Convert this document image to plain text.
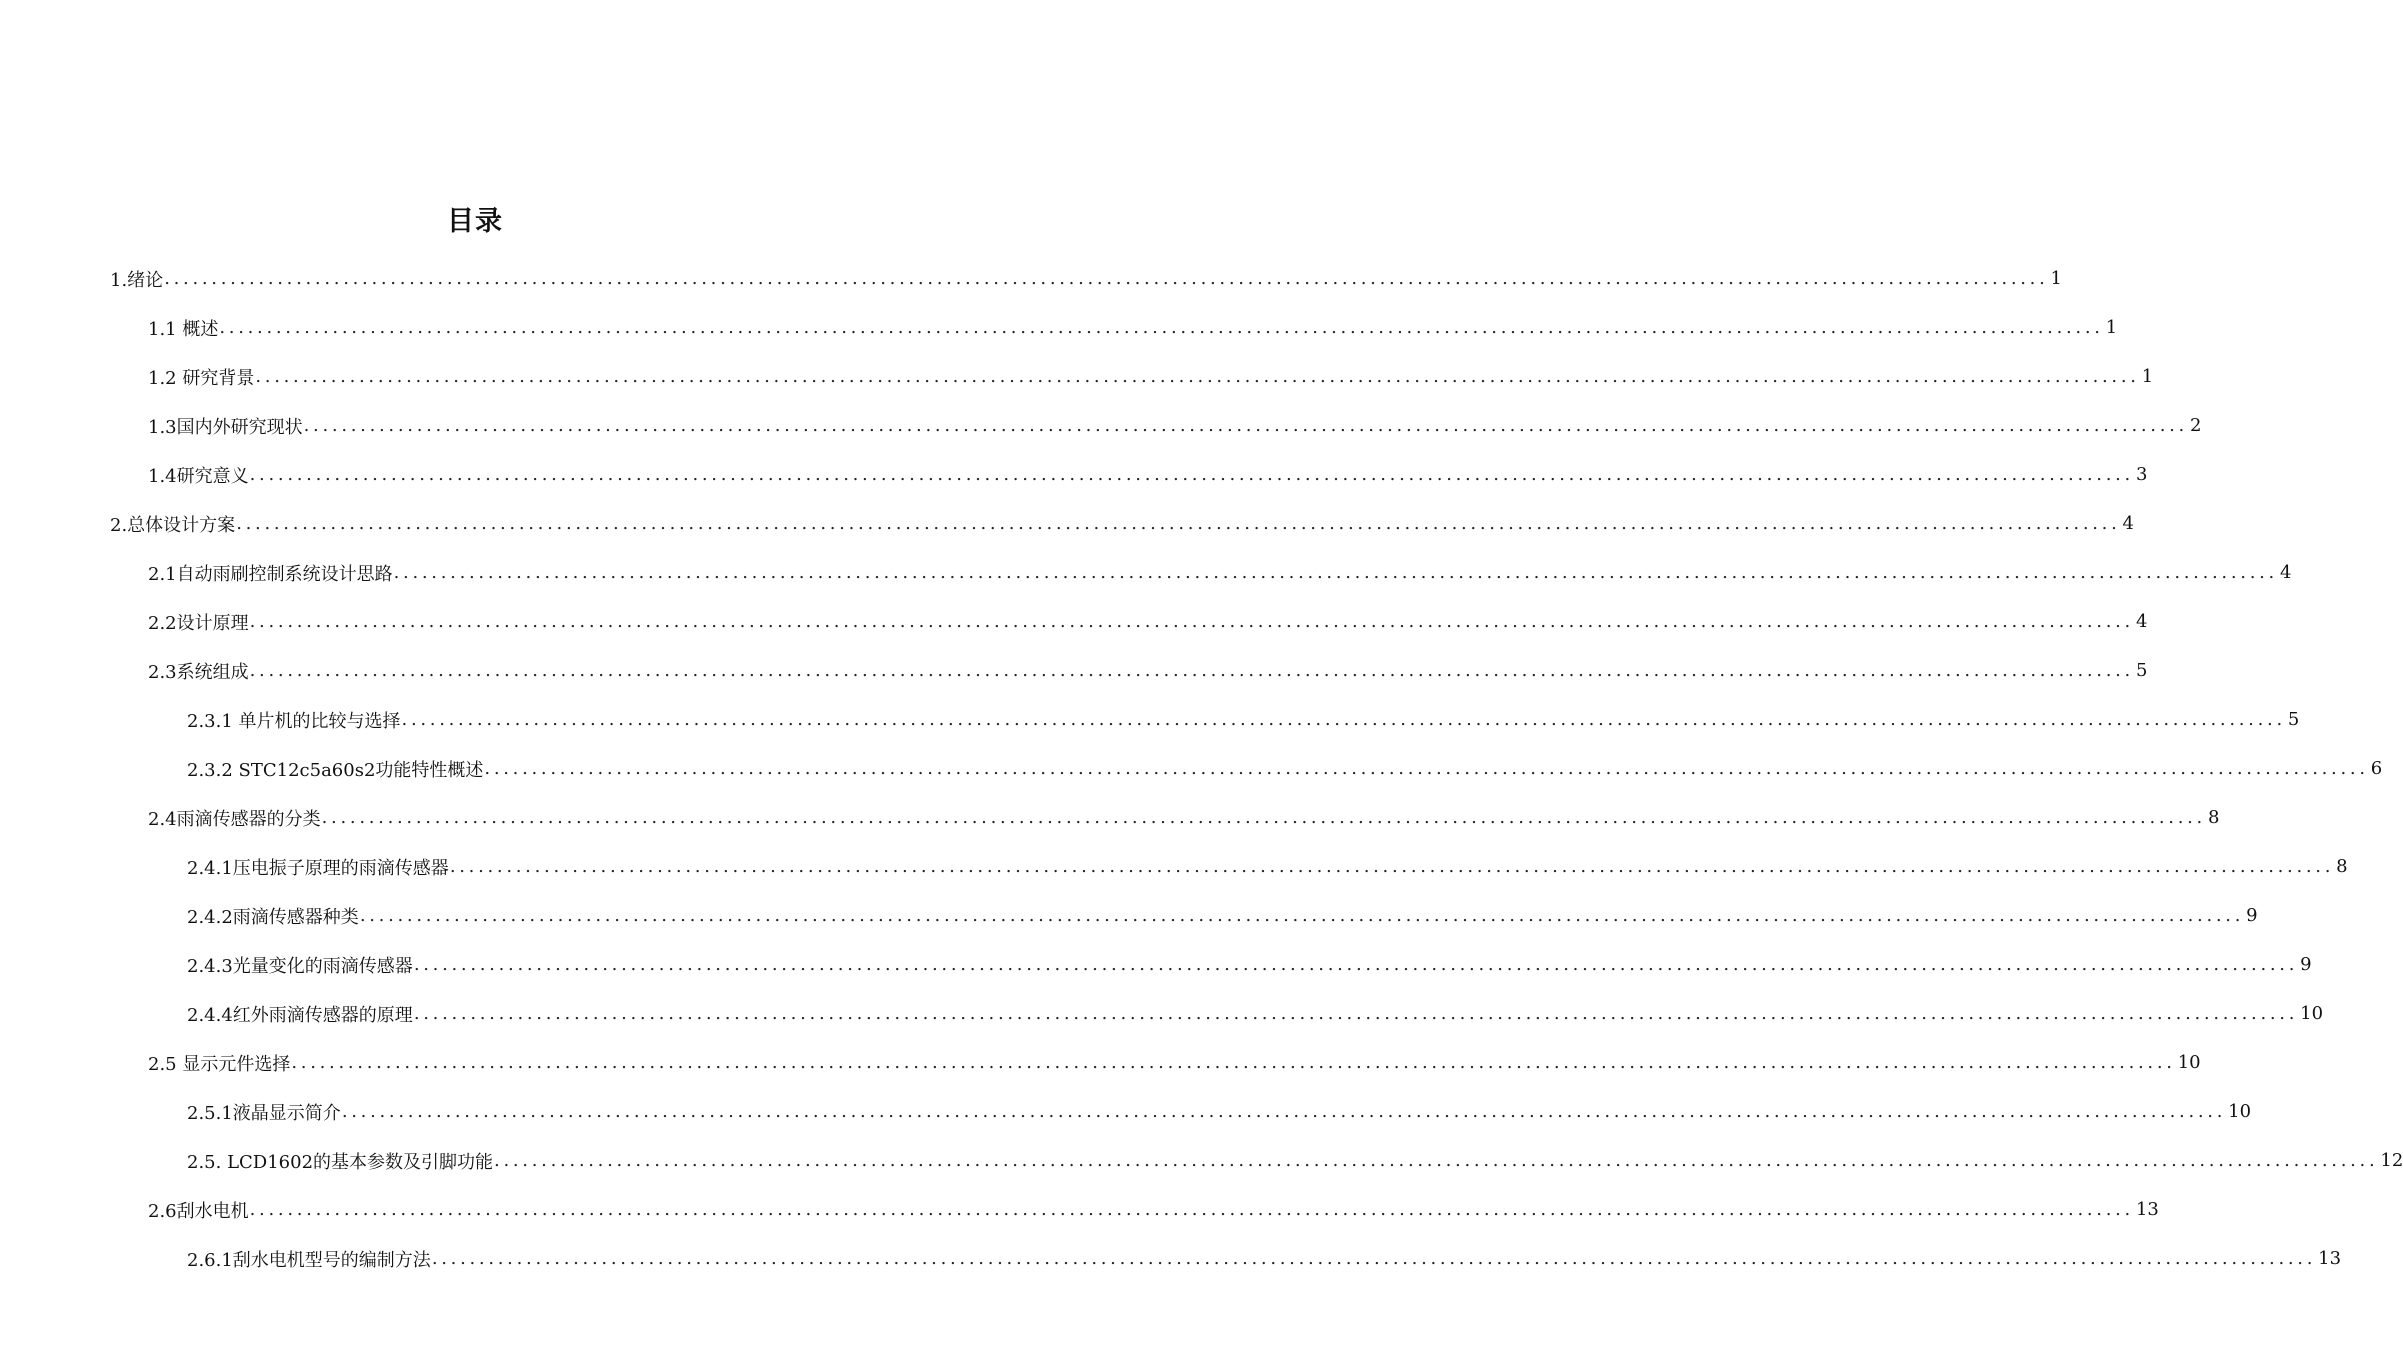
目录
1.绪论 ........................................................................................................................................................................................................ 1
1.1 概述 ........................................................................................................................................................................................................ 1
1.2 研究背景 ........................................................................................................................................................................................................ 1
1.3国内外研究现状 ........................................................................................................................................................................................................ 2
1.4研究意义 ........................................................................................................................................................................................................ 3
2.总体设计方案 ........................................................................................................................................................................................................ 4
2.1自动雨刷控制系统设计思路 ........................................................................................................................................................................................................ 4
2.2设计原理 ........................................................................................................................................................................................................ 4
2.3系统组成 ........................................................................................................................................................................................................ 5
2.3.1 单片机的比较与选择 ........................................................................................................................................................................................................ 5
2.3.2 STC12c5a60s2功能特性概述 ........................................................................................................................................................................................................ 6
2.4雨滴传感器的分类 ........................................................................................................................................................................................................ 8
2.4.1压电振子原理的雨滴传感器 ........................................................................................................................................................................................................ 8
2.4.2雨滴传感器种类 ........................................................................................................................................................................................................ 9
2.4.3光量变化的雨滴传感器 ........................................................................................................................................................................................................ 9
2.4.4红外雨滴传感器的原理 ........................................................................................................................................................................................................ 10
2.5 显示元件选择 ........................................................................................................................................................................................................ 10
2.5.1液晶显示简介 ........................................................................................................................................................................................................ 10
2.5. LCD1602的基本参数及引脚功能 ........................................................................................................................................................................................................ 12
2.6刮水电机 ........................................................................................................................................................................................................ 13
2.6.1刮水电机型号的编制方法 ........................................................................................................................................................................................................ 13
